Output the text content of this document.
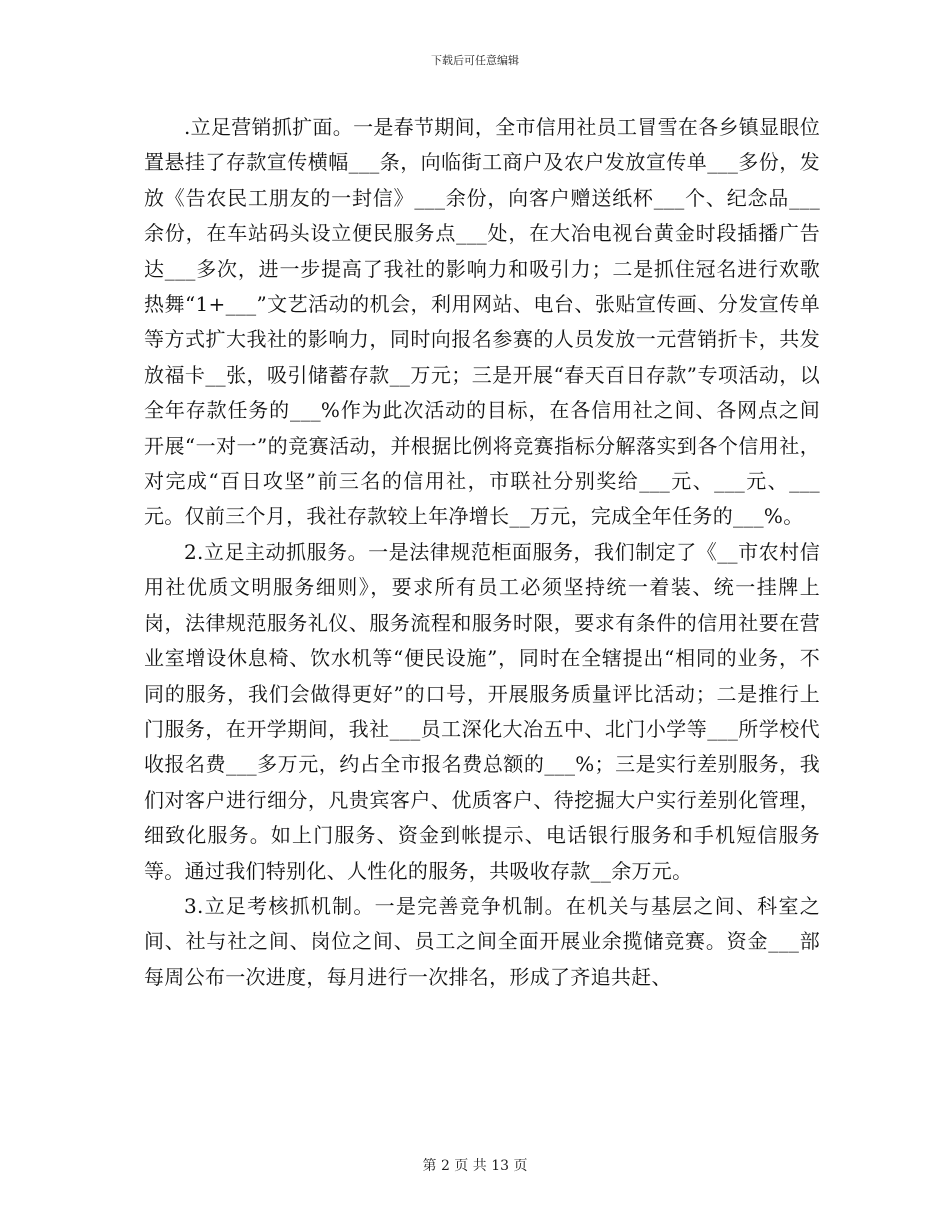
下载后可任意编辑

.立足营销抓扩面。一是春节期间，全市信用社员工冒雪在各乡镇显眼位置悬挂了存款宣传横幅___条，向临街工商户及农户发放宣传单___多份，发放《告农民工朋友的一封信》___余份，向客户赠送纸杯___个、纪念品___余份，在车站码头设立便民服务点___处，在大冶电视台黄金时段插播广告达___多次，进一步提高了我社的影响力和吸引力；二是抓住冠名进行欢歌热舞“1+___”文艺活动的机会，利用网站、电台、张贴宣传画、分发宣传单等方式扩大我社的影响力，同时向报名参赛的人员发放一元营销折卡，共发放福卡__张，吸引储蓄存款__万元；三是开展“春天百日存款”专项活动，以全年存款任务的___%作为此次活动的目标，在各信用社之间、各网点之间开展“一对一”的竞赛活动，并根据比例将竞赛指标分解落实到各个信用社，对完成“百日攻坚”前三名的信用社，市联社分别奖给___元、___元、___元。仅前三个月，我社存款较上年净增长__万元，完成全年任务的___%。

2.立足主动抓服务。一是法律规范柜面服务，我们制定了《__市农村信用社优质文明服务细则》，要求所有员工必须坚持统一着装、统一挂牌上岗，法律规范服务礼仪、服务流程和服务时限，要求有条件的信用社要在营业室增设休息椅、饮水机等“便民设施”，同时在全辖提出“相同的业务，不同的服务，我们会做得更好”的口号，开展服务质量评比活动；二是推行上门服务，在开学期间，我社___员工深化大冶五中、北门小学等___所学校代收报名费___多万元，约占全市报名费总额的___%；三是实行差别服务，我们对客户进行细分，凡贵宾客户、优质客户、待挖掘大户实行差别化管理，细致化服务。如上门服务、资金到帐提示、电话银行服务和手机短信服务等。通过我们特别化、人性化的服务，共吸收存款__余万元。

3.立足考核抓机制。一是完善竞争机制。在机关与基层之间、科室之间、社与社之间、岗位之间、员工之间全面开展业余揽储竞赛。资金___部每周公布一次进度，每月进行一次排名，形成了齐追共赶、

第 2 页 共 13 页
